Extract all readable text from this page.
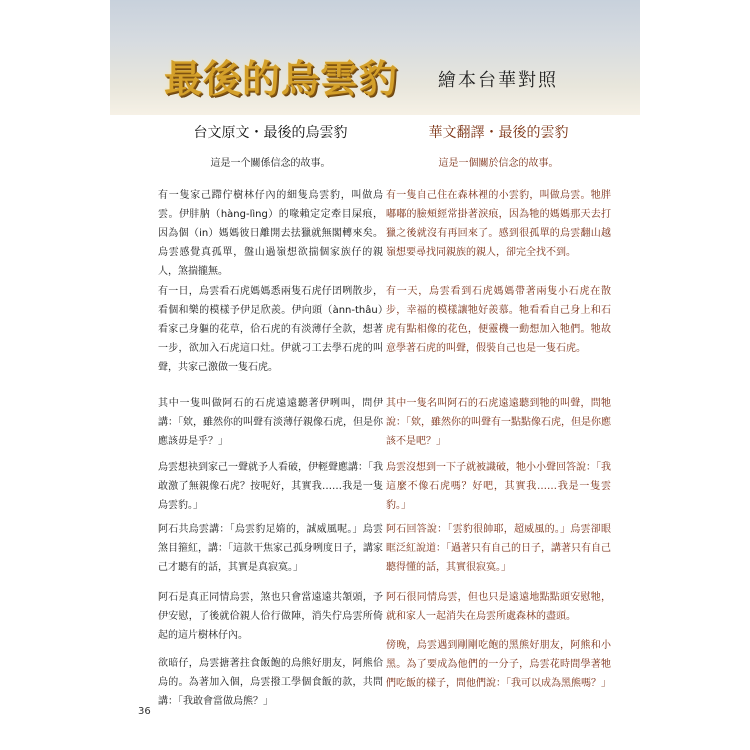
最後的烏雲豹 繪本台華對照
台文原文・最後的烏雲豹
這是一个關係信念的故事。
有一隻家己蹛佇樹林仔內的細隻烏雲豹，叫做烏雲。伊肨肭（hàng-lìng）的喙賴定定牽目屎痕，因為個（in）媽媽彼日離開去抾獵就無閣轉來矣。烏雲感覺真孤單，盤山過嶺想欲揣個家族仔的親人，煞揣攏無。
有一日，烏雲看石虎媽媽悉兩隻石虎仔囝咧散步，看個和樂的模樣予伊足欣羨。伊向頭（ànn-thâu）看家己身軀的花草，佮石虎的有淡薄仔全款，想著一步，欲加入石虎這口灶。伊就刁工去學石虎的叫聲，共家己激做一隻石虎。
其中一隻叫做阿石的石虎遠遠聽著伊咧叫，問伊講：「欸，雖然你的叫聲有淡薄仔親像石虎，但是你應該毋是乎？」
烏雲想袂到家己一聲就予人看破，伊輕聲應講：「我敢激了無親像石虎？按呢好，其實我……我是一隻烏雲豹。」
阿石共烏雲講：「烏雲豹足媠的，誠威風呢。」烏雲煞目箍紅，講：「這款干焦家己孤身咧度日子，講家己才聽有的話，其實是真寂寞。」
阿石是真正同情烏雲，煞也只會當遠遠共頷頭，予伊安慰，了後就佮親人佮行做陣，消失佇烏雲所倚起的這片樹林仔內。
欲暗仔，烏雲搪著拄食飯飽的烏熊好朋友，阿熊佮烏的。為著加入個，烏雲撥工學個食飯的款，共問講：「我敢會當做烏熊？」
華文翻譯・最後的雲豹
這是一個關於信念的故事。
有一隻自己住在森林裡的小雲豹，叫做烏雲。牠胖嘟嘟的臉頰經常掛著淚痕，因為牠的媽媽那天去打獵之後就沒有再回來了。感到很孤單的烏雲翻山越嶺想要尋找同親族的親人，卻完全找不到。
有一天，烏雲看到石虎媽媽帶著兩隻小石虎在散步，幸福的模樣讓牠好羨慕。牠看看自己身上和石虎有點相像的花色，便靈機一動想加入牠們。牠故意學著石虎的叫聲，假裝自己也是一隻石虎。
其中一隻名叫阿石的石虎遠遠聽到牠的叫聲，問牠說：「欸，雖然你的叫聲有一點點像石虎，但是你應該不是吧？」
烏雲沒想到一下子就被識破，牠小小聲回答說：「我這麼不像石虎嗎？好吧，其實我……我是一隻雲豹。」
阿石回答說：「雲豹很帥耶，超威風的。」烏雲卻眼眶泛紅說道：「過著只有自己的日子，講著只有自己聽得懂的話，其實很寂寞。」
阿石很同情烏雲，但也只是遠遠地點點頭安慰牠，就和家人一起消失在烏雲所處森林的盡頭。
傍晚，烏雲遇到剛剛吃飽的黑熊好朋友，阿熊和小黑。為了要成為他們的一分子，烏雲花時間學著牠們吃飯的樣子，問他們說：「我可以成為黑熊嗎？」
36
